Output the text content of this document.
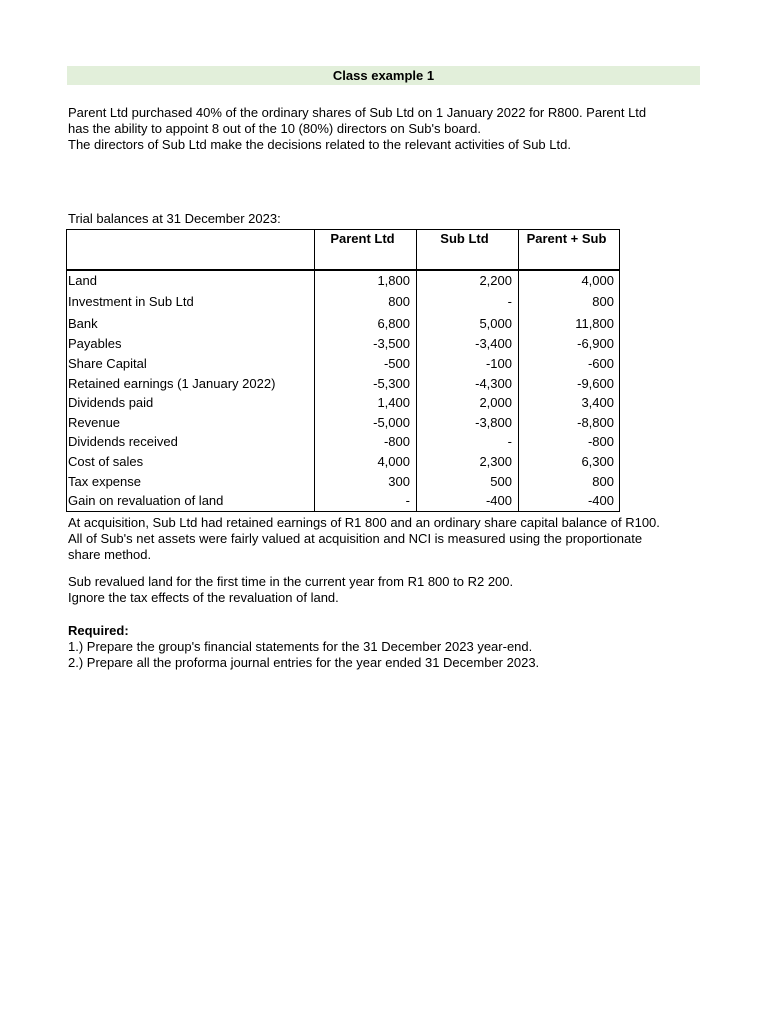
Class example 1
Parent Ltd purchased 40% of the ordinary shares of Sub Ltd on 1 January 2022 for R800. Parent Ltd
has the ability to appoint 8 out of the 10 (80%) directors on Sub's board.
The directors of Sub Ltd make the decisions related to the relevant activities of Sub Ltd.
Trial balances at 31 December 2023:
	Parent Ltd	Sub Ltd	Parent + Sub
Land	1,800	2,200	4,000
Investment in Sub Ltd	800	-	800
Bank	6,800	5,000	11,800
Payables	-3,500	-3,400	-6,900
Share Capital	-500	-100	-600
Retained earnings (1 January 2022)	-5,300	-4,300	-9,600
Dividends paid	1,400	2,000	3,400
Revenue	-5,000	-3,800	-8,800
Dividends received	-800	-	-800
Cost of sales	4,000	2,300	6,300
Tax expense	300	500	800
Gain on revaluation of land	-	-400	-400
At acquisition, Sub Ltd had retained earnings of R1 800 and an ordinary share capital balance of R100.
All of Sub's net assets were fairly valued at acquisition and NCI is measured using the proportionate
share method.
Sub revalued land for the first time in the current year from R1 800 to R2 200.
Ignore the tax effects of the revaluation of land.
Required:
1.) Prepare the group's financial statements for the 31 December 2023 year-end.
2.) Prepare all the proforma journal entries for the year ended 31 December 2023.
